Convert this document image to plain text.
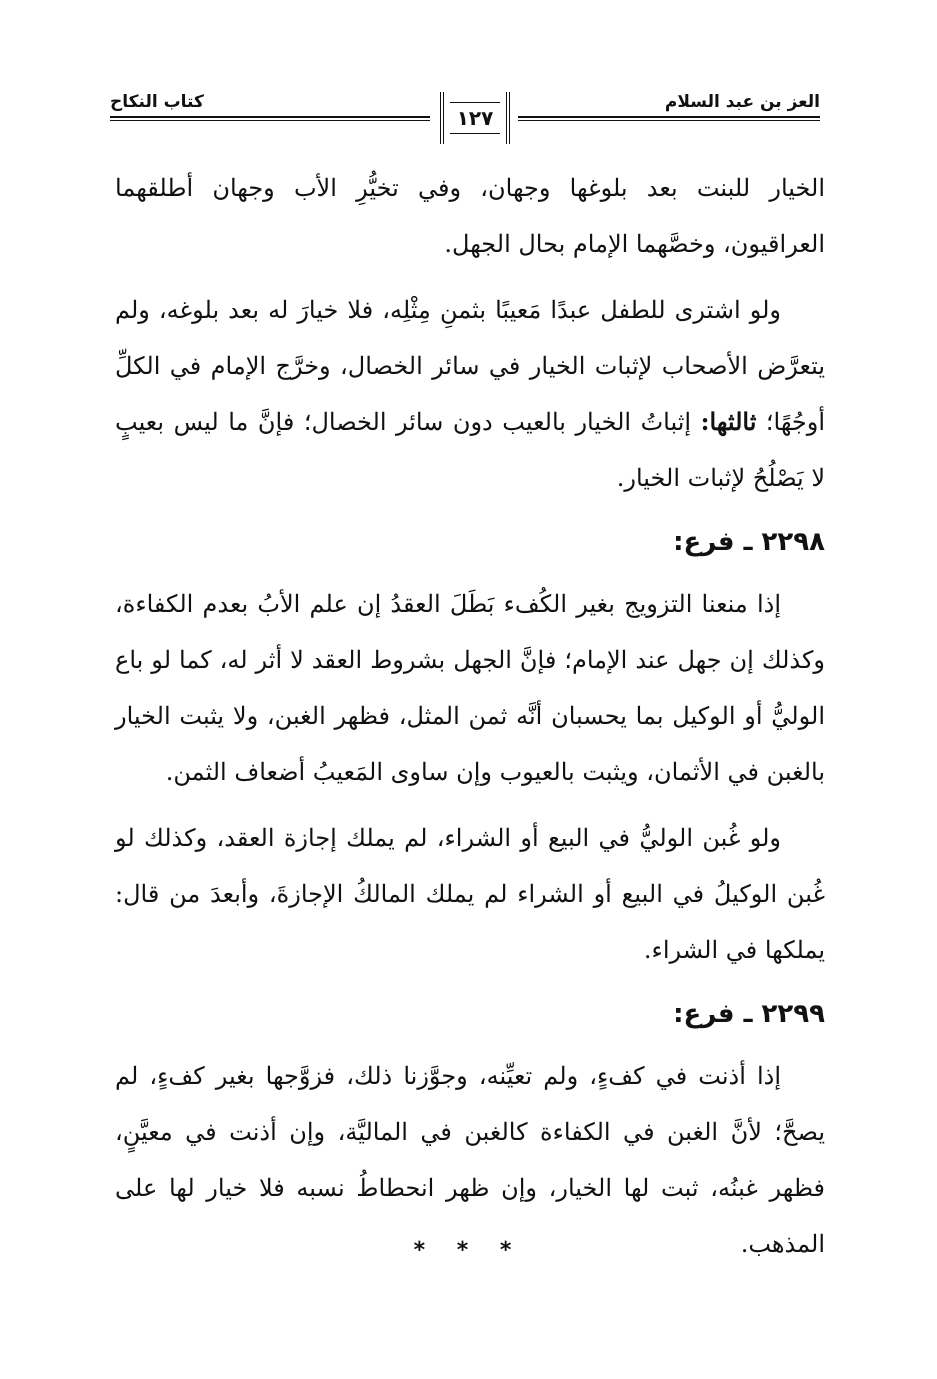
العز بن عبد السلام
كتاب النكاح
١٢٧

الخيار للبنت بعد بلوغها وجهان، وفي تخيُّرِ الأب وجهان أطلقهما العراقيون، وخصَّهما الإمام بحال الجهل.

ولو اشترى للطفل عبدًا مَعيبًا بثمنِ مِثْلِه، فلا خيارَ له بعد بلوغه، ولم يتعرَّض الأصحاب لإثبات الخيار في سائر الخصال، وخرَّج الإمام في الكلِّ أوجُهًا؛ ثالثها: إثباتُ الخيار بالعيب دون سائر الخصال؛ فإنَّ ما ليس بعيبٍ لا يَصْلُحُ لإثبات الخيار.

٢٢٩٨ ـ فرع:

إذا منعنا التزويج بغير الكُفء بَطَلَ العقدُ إن علم الأبُ بعدم الكفاءة، وكذلك إن جهل عند الإمام؛ فإنَّ الجهل بشروط العقد لا أثر له، كما لو باع الوليُّ أو الوكيل بما يحسبان أنَّه ثمن المثل، فظهر الغبن، ولا يثبت الخيار بالغبن في الأثمان، ويثبت بالعيوب وإن ساوى المَعيبُ أضعاف الثمن.

ولو غُبن الوليُّ في البيع أو الشراء، لم يملك إجازة العقد، وكذلك لو غُبن الوكيلُ في البيع أو الشراء لم يملك المالكُ الإجازةَ، وأبعدَ من قال: يملكها في الشراء.

٢٢٩٩ ـ فرع:

إذا أذنت في كفءٍ، ولم تعيِّنه، وجوَّزنا ذلك، فزوَّجها بغير كفءٍ، لم يصحَّ؛ لأنَّ الغبن في الكفاءة كالغبن في الماليَّة، وإن أذنت في معيَّنٍ، فظهر غبنُه، ثبت لها الخيار، وإن ظهر انحطاطُ نسبه فلا خيار لها على المذهب.

* * *
